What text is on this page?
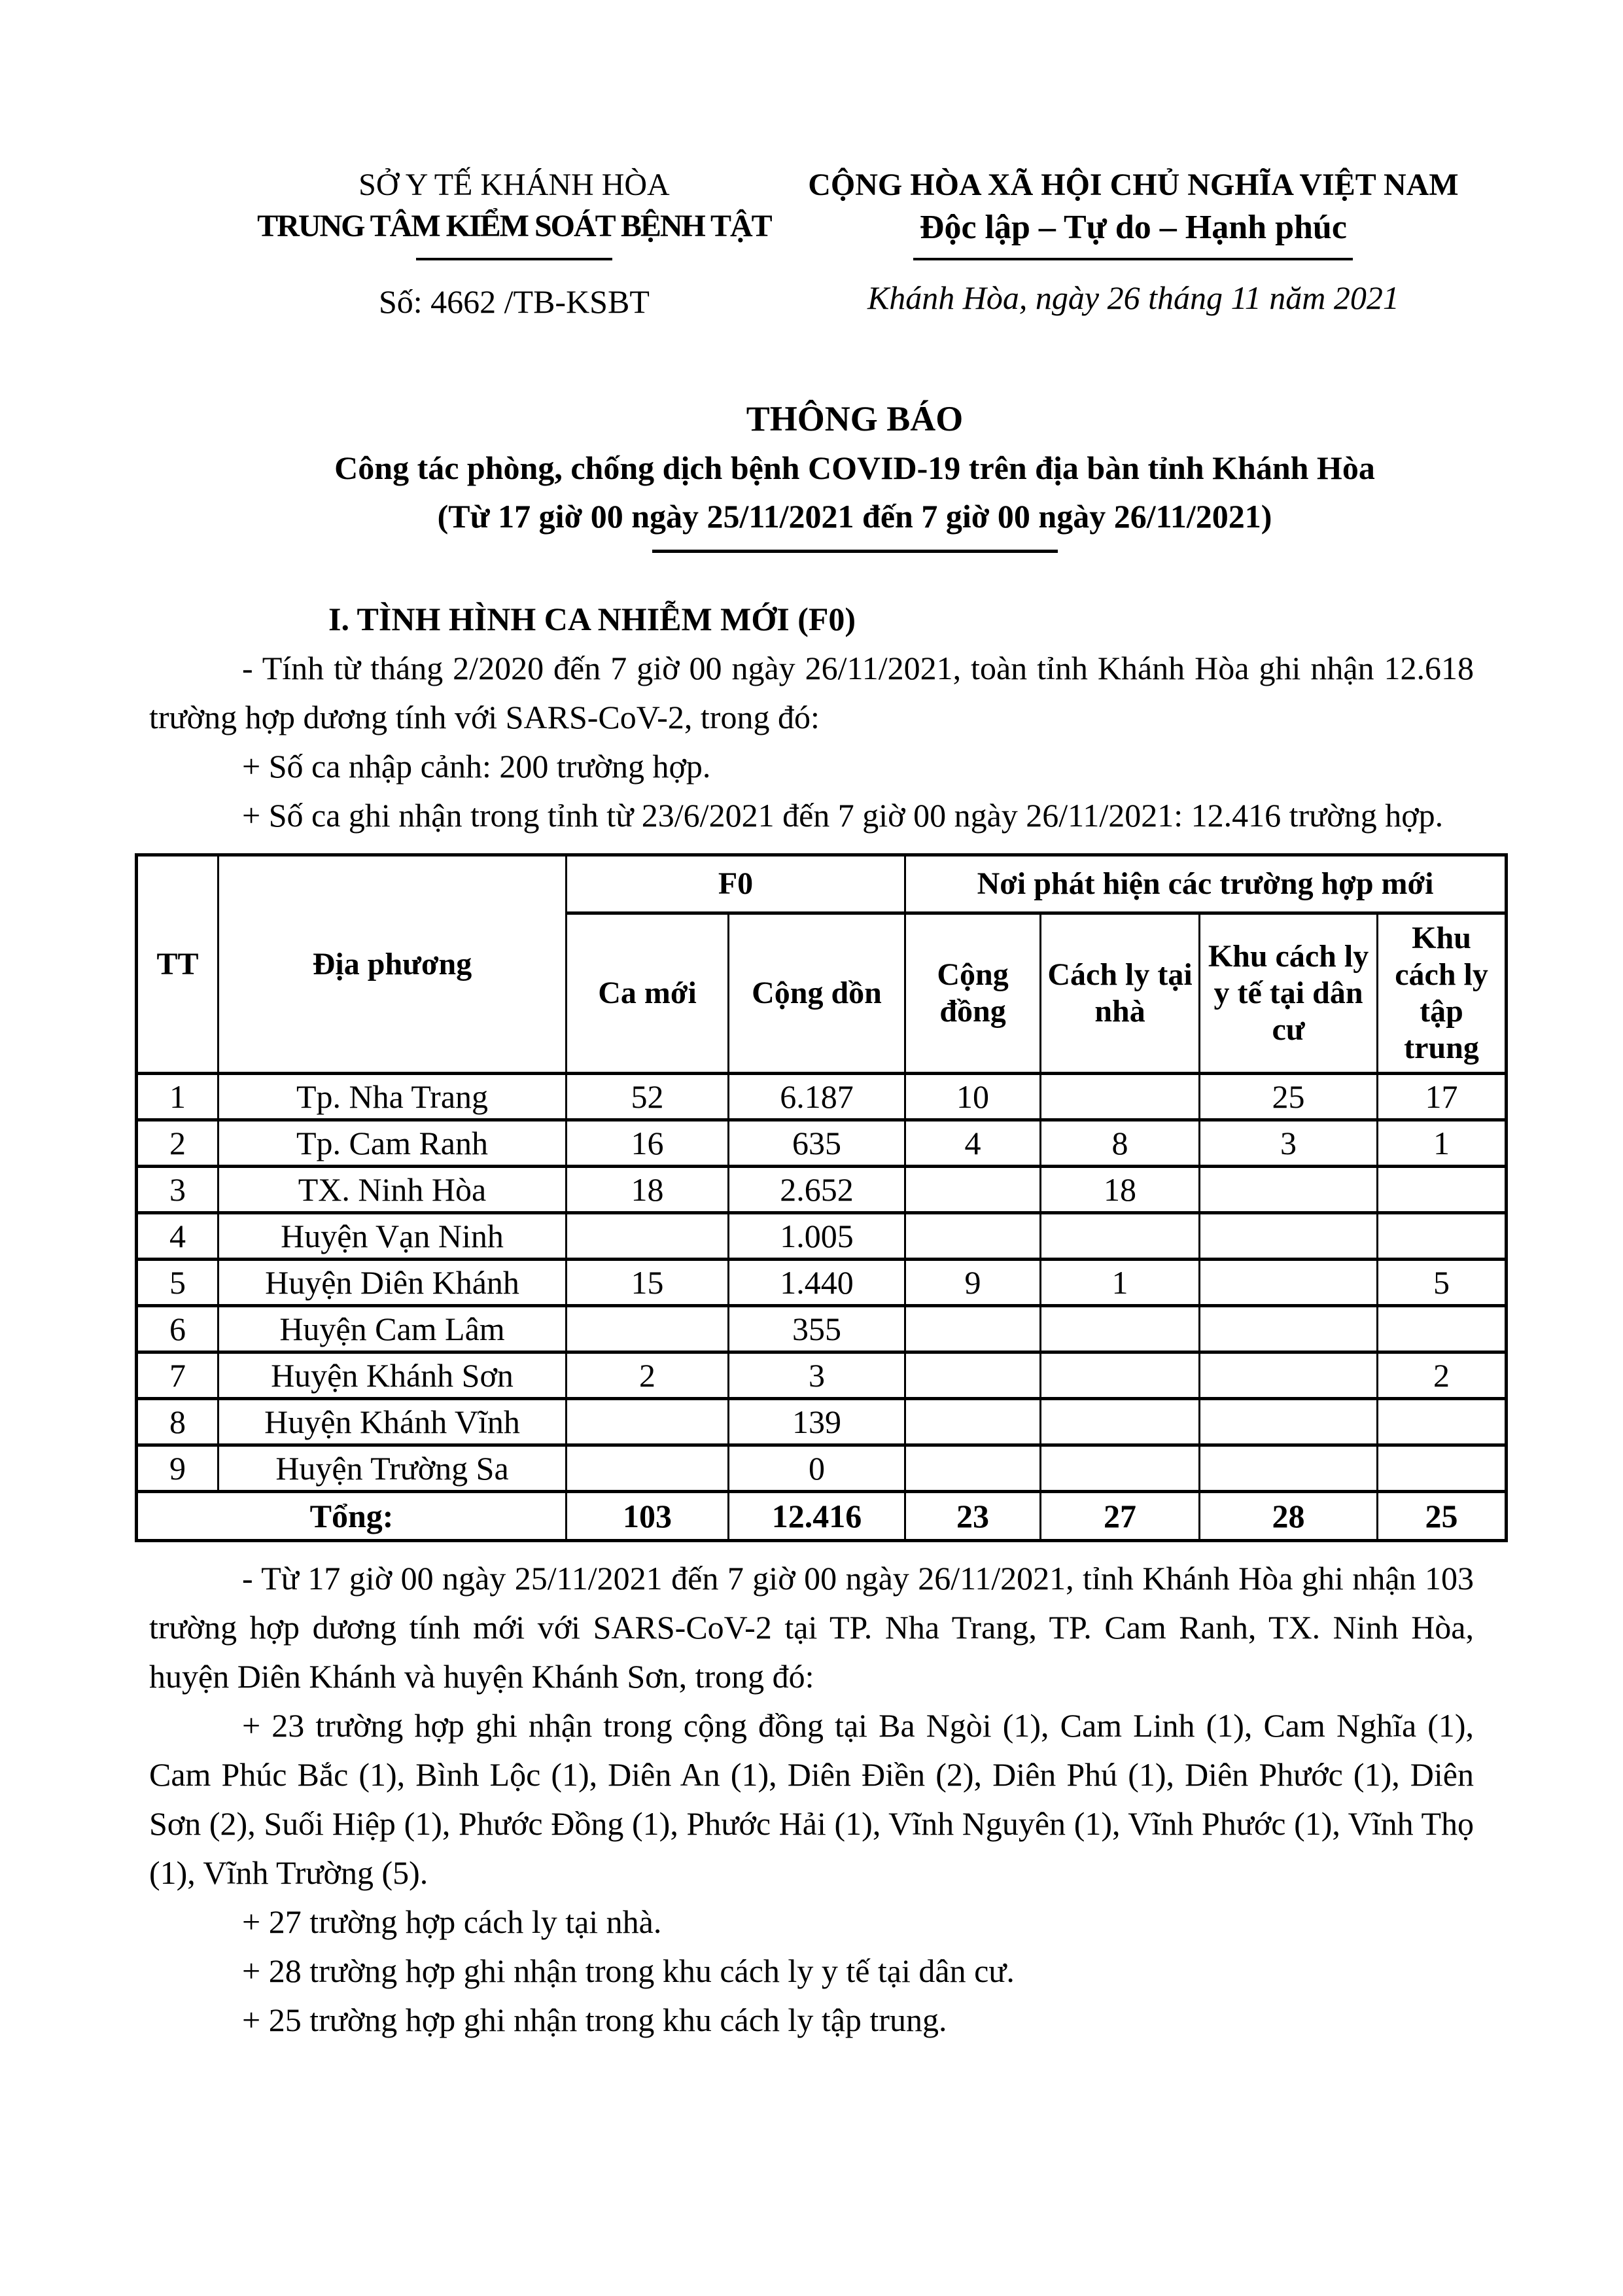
SỞ Y TẾ KHÁNH HÒA
TRUNG TÂM KIỂM SOÁT BỆNH TẬT
Số: 4662 /TB-KSBT
CỘNG HÒA XÃ HỘI CHỦ NGHĨA VIỆT NAM
Độc lập – Tự do – Hạnh phúc
Khánh Hòa, ngày 26 tháng 11 năm 2021
THÔNG BÁO
Công tác phòng, chống dịch bệnh COVID-19 trên địa bàn tỉnh Khánh Hòa
(Từ 17 giờ 00 ngày 25/11/2021 đến 7 giờ 00 ngày 26/11/2021)

I. TÌNH HÌNH CA NHIỄM MỚI (F0)

- Tính từ tháng 2/2020 đến 7 giờ 00 ngày 26/11/2021, toàn tỉnh Khánh Hòa ghi nhận 12.618 trường hợp dương tính với SARS-CoV-2, trong đó:

+ Số ca nhập cảnh: 200 trường hợp.

+ Số ca ghi nhận trong tỉnh từ 23/6/2021 đến 7 giờ 00 ngày 26/11/2021: 12.416 trường hợp.

TT	Địa phương	F0		Nơi phát hiện các trường hợp mới			
		Ca mới	Cộng dồn	Cộng đồng	Cách ly tại nhà	Khu cách ly y tế tại dân cư	Khu cách ly tập trung
1	Tp. Nha Trang	52	6.187	10		25	17
2	Tp. Cam Ranh	16	635	4	8	3	1
3	TX. Ninh Hòa	18	2.652		18		
4	Huyện Vạn Ninh		1.005				
5	Huyện Diên Khánh	15	1.440	9	1		5
6	Huyện Cam Lâm		355				
7	Huyện Khánh Sơn	2	3				2
8	Huyện Khánh Vĩnh		139				
9	Huyện Trường Sa		0				
Tổng:		103	12.416	23	27	28	25

- Từ 17 giờ 00 ngày 25/11/2021 đến 7 giờ 00 ngày 26/11/2021, tỉnh Khánh Hòa ghi nhận 103 trường hợp dương tính mới với SARS-CoV-2 tại TP. Nha Trang, TP. Cam Ranh, TX. Ninh Hòa, huyện Diên Khánh và huyện Khánh Sơn, trong đó:

+ 23 trường hợp ghi nhận trong cộng đồng tại Ba Ngòi (1), Cam Linh (1), Cam Nghĩa (1), Cam Phúc Bắc (1), Bình Lộc (1), Diên An (1), Diên Điền (2), Diên Phú (1), Diên Phước (1), Diên Sơn (2), Suối Hiệp (1), Phước Đồng (1), Phước Hải (1), Vĩnh Nguyên (1), Vĩnh Phước (1), Vĩnh Thọ (1), Vĩnh Trường (5).

+ 27 trường hợp cách ly tại nhà.

+ 28 trường hợp ghi nhận trong khu cách ly y tế tại dân cư.

+ 25 trường hợp ghi nhận trong khu cách ly tập trung.
